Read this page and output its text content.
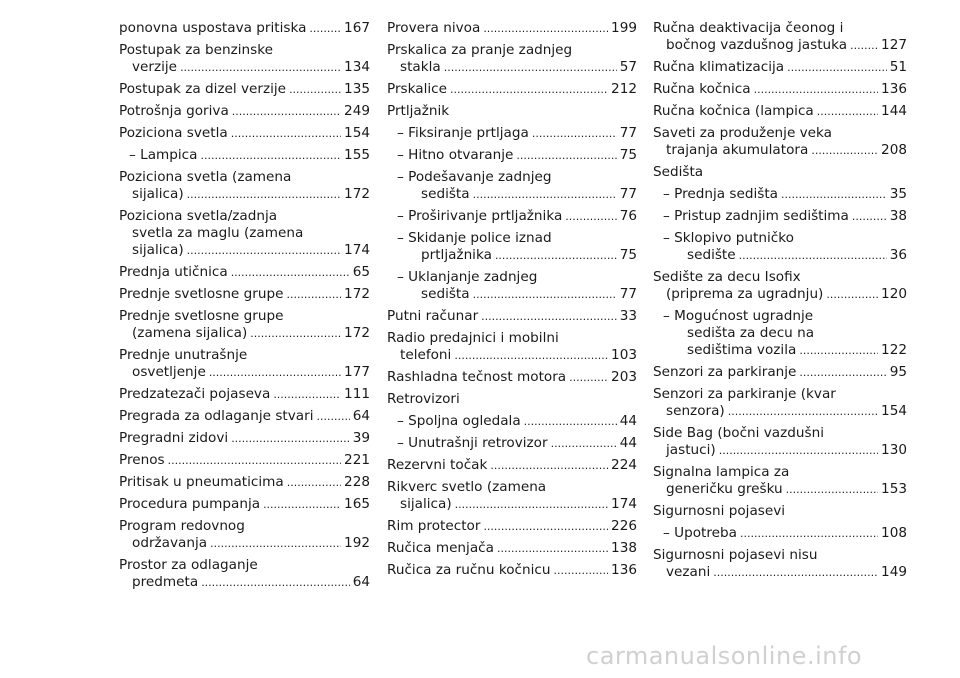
ponovna uspostava pritiska .....	167
Postupak za benzinske
verzije .....	134
Postupak za dizel verzije .....	135
Potrošnja goriva .....	249
Poziciona svetla .....	154
– Lampica .....	155
Poziciona svetla (zamena
sijalica) .....	172
Poziciona svetla/zadnja
svetla za maglu (zamena
sijalica) .....	174
Prednja utičnica .....	65
Prednje svetlosne grupe .....	172
Prednje svetlosne grupe
(zamena sijalica) .....	172
Prednje unutrašnje
osvetljenje .....	177
Predzatezači pojaseva .....	111
Pregrada za odlaganje stvari .....	64
Pregradni zidovi .....	39
Prenos .....	221
Pritisak u pneumaticima .....	228
Procedura pumpanja .....	165
Program redovnog
održavanja .....	192
Prostor za odlaganje
predmeta .....	64
Provera nivoa .....	199
Prskalica za pranje zadnjeg
stakla .....	57
Prskalice .....	212
Prtljažnik
– Fiksiranje prtljaga .....	77
– Hitno otvaranje .....	75
– Podešavanje zadnjeg
sedišta .....	77
– Proširivanje prtljažnika .....	76
– Skidanje police iznad
prtljažnika .....	75
– Uklanjanje zadnjeg
sedišta .....	77
Putni računar .....	33
Radio predajnici i mobilni
telefoni .....	103
Rashladna tečnost motora .....	203
Retrovizori
– Spoljna ogledala .....	44
– Unutrašnji retrovizor .....	44
Rezervni točak .....	224
Rikverc svetlo (zamena
sijalica) .....	174
Rim protector .....	226
Ručica menjača .....	138
Ručica za ručnu kočnicu .....	136
Ručna deaktivacija čeonog i
bočnog vazdušnog jastuka ..... 127
Ručna klimatizacija .....	51
Ručna kočnica .....	136
Ručna kočnica (lampica .....	144
Saveti za produženje veka
trajanja akumulatora .....	208
Sedišta
– Prednja sedišta .....	35
– Pristup zadnjim sedištima .....	38
– Sklopivo putničko
sedište .....	36
Sedište za decu Isofix
(priprema za ugradnju) .....	120
– Mogućnost ugradnje
sedišta za decu na
sedištima vozila .....	122
Senzori za parkiranje .....	95
Senzori za parkiranje (kvar
senzora) .....	154
Side Bag (bočni vazdušni
jastuci) .....	130
Signalna lampica za
generičku grešku .....	153
Sigurnosni pojasevi
– Upotreba .....	108
Sigurnosni pojasevi nisu
vezani .....	149
carmanualsonline.info
